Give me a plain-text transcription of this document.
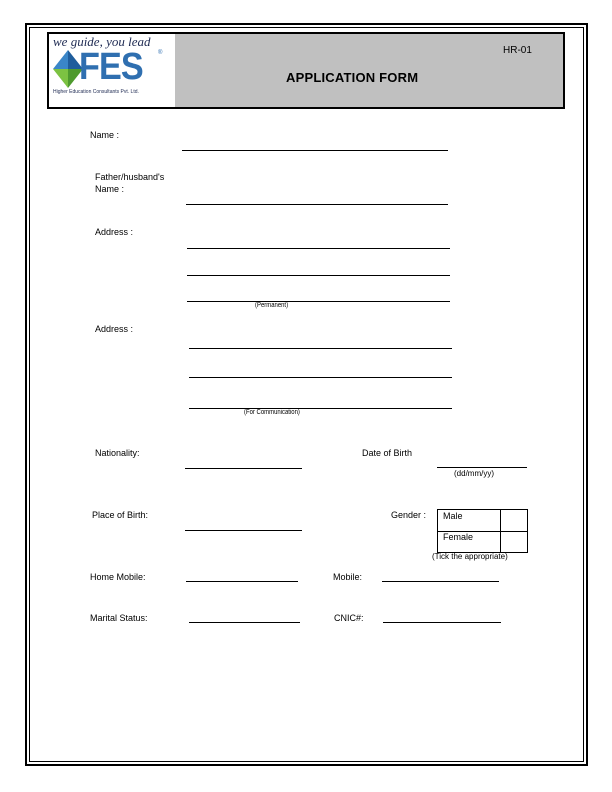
we guide, you lead
FES	®
Higher Education Consultants Pvt. Ltd.
HR-01
APPLICATION FORM
Name :
Father/husband's
Name :
Address :
(Permanent)
Address :
(For Communication)
Nationality:	Date of Birth
(dd/mm/yy)
Place of Birth:	Gender : Male
Female
(Tick the appropriate)
Home Mobile:	Mobile:
Marital Status:	CNIC#:
